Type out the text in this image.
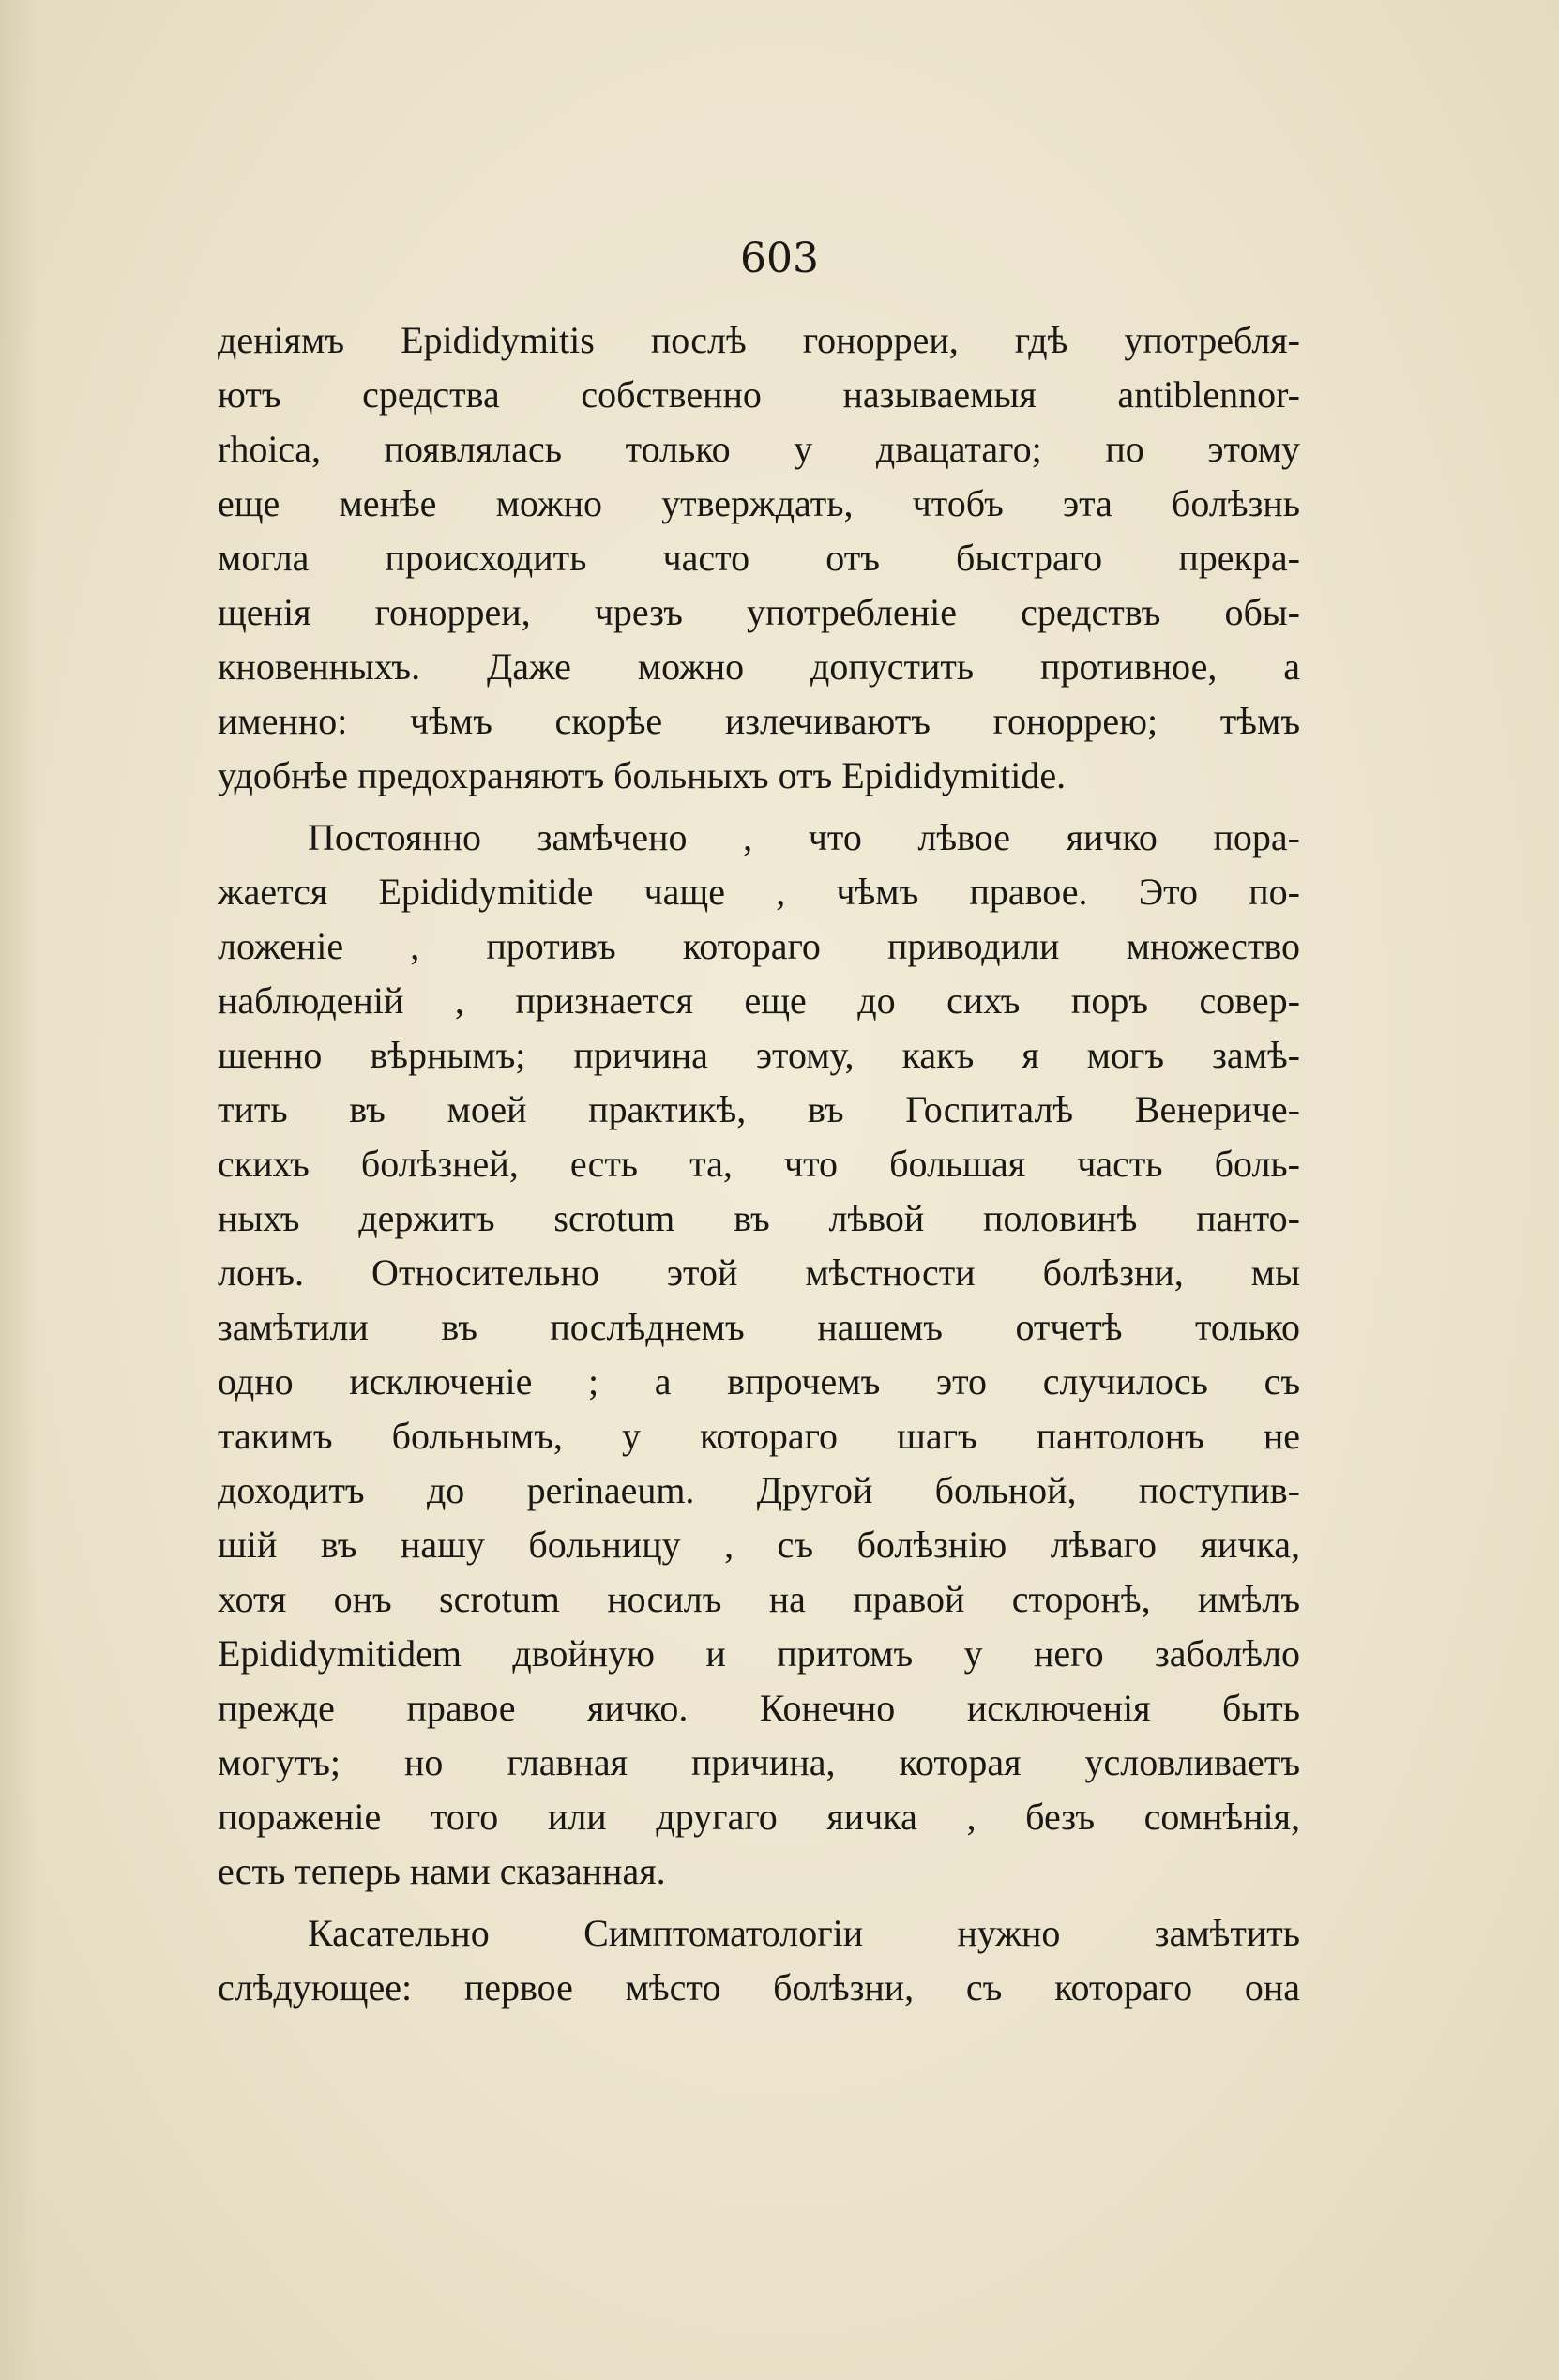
603
деніямъ Epididymitis послѣ гонорреи, гдѣ употребля-
ютъ средства собственно называемыя antiblennor-
rhoica, появлялась только у двацатаго; по этому
еще менѣе можно утверждать, чтобъ эта болѣзнь
могла происходить часто отъ быстраго прекра-
щенія гонорреи, чрезъ употребленіе средствъ обы-
кновенныхъ. Даже можно допустить противное, а
именно: чѣмъ скорѣе излечиваютъ гоноррею; тѣмъ
удобнѣе предохраняютъ больныхъ отъ Epididymitide.
Постоянно замѣчено , что лѣвое яичко пора-
жается Epididymitide чаще , чѣмъ правое. Это по-
ложеніе , противъ котораго приводили множество
наблюденій , признается еще до сихъ поръ совер-
шенно вѣрнымъ; причина этому, какъ я могъ замѣ-
тить въ моей практикѣ, въ Госпиталѣ Венериче-
скихъ болѣзней, есть та, что большая часть боль-
ныхъ держитъ scrotum въ лѣвой половинѣ панто-
лонъ. Относительно этой мѣстности болѣзни, мы
замѣтили въ послѣднемъ нашемъ отчетѣ только
одно исключеніе ; а впрочемъ это случилось съ
такимъ больнымъ, у котораго шагъ пантолонъ не
доходитъ до perinaeum. Другой больной, поступив-
шій въ нашу больницу , съ болѣзнію лѣваго яичка,
хотя онъ scrotum носилъ на правой сторонѣ, имѣлъ
Epididymitidem двойную и притомъ у него заболѣло
прежде правое яичко. Конечно исключенія быть
могутъ; но главная причина, которая условливаетъ
пораженіе того или другаго яичка , безъ сомнѣнія,
есть теперь нами сказанная.
Касательно Симптоматологіи нужно замѣтить
слѣдующее: первое мѣсто болѣзни, съ котораго она
